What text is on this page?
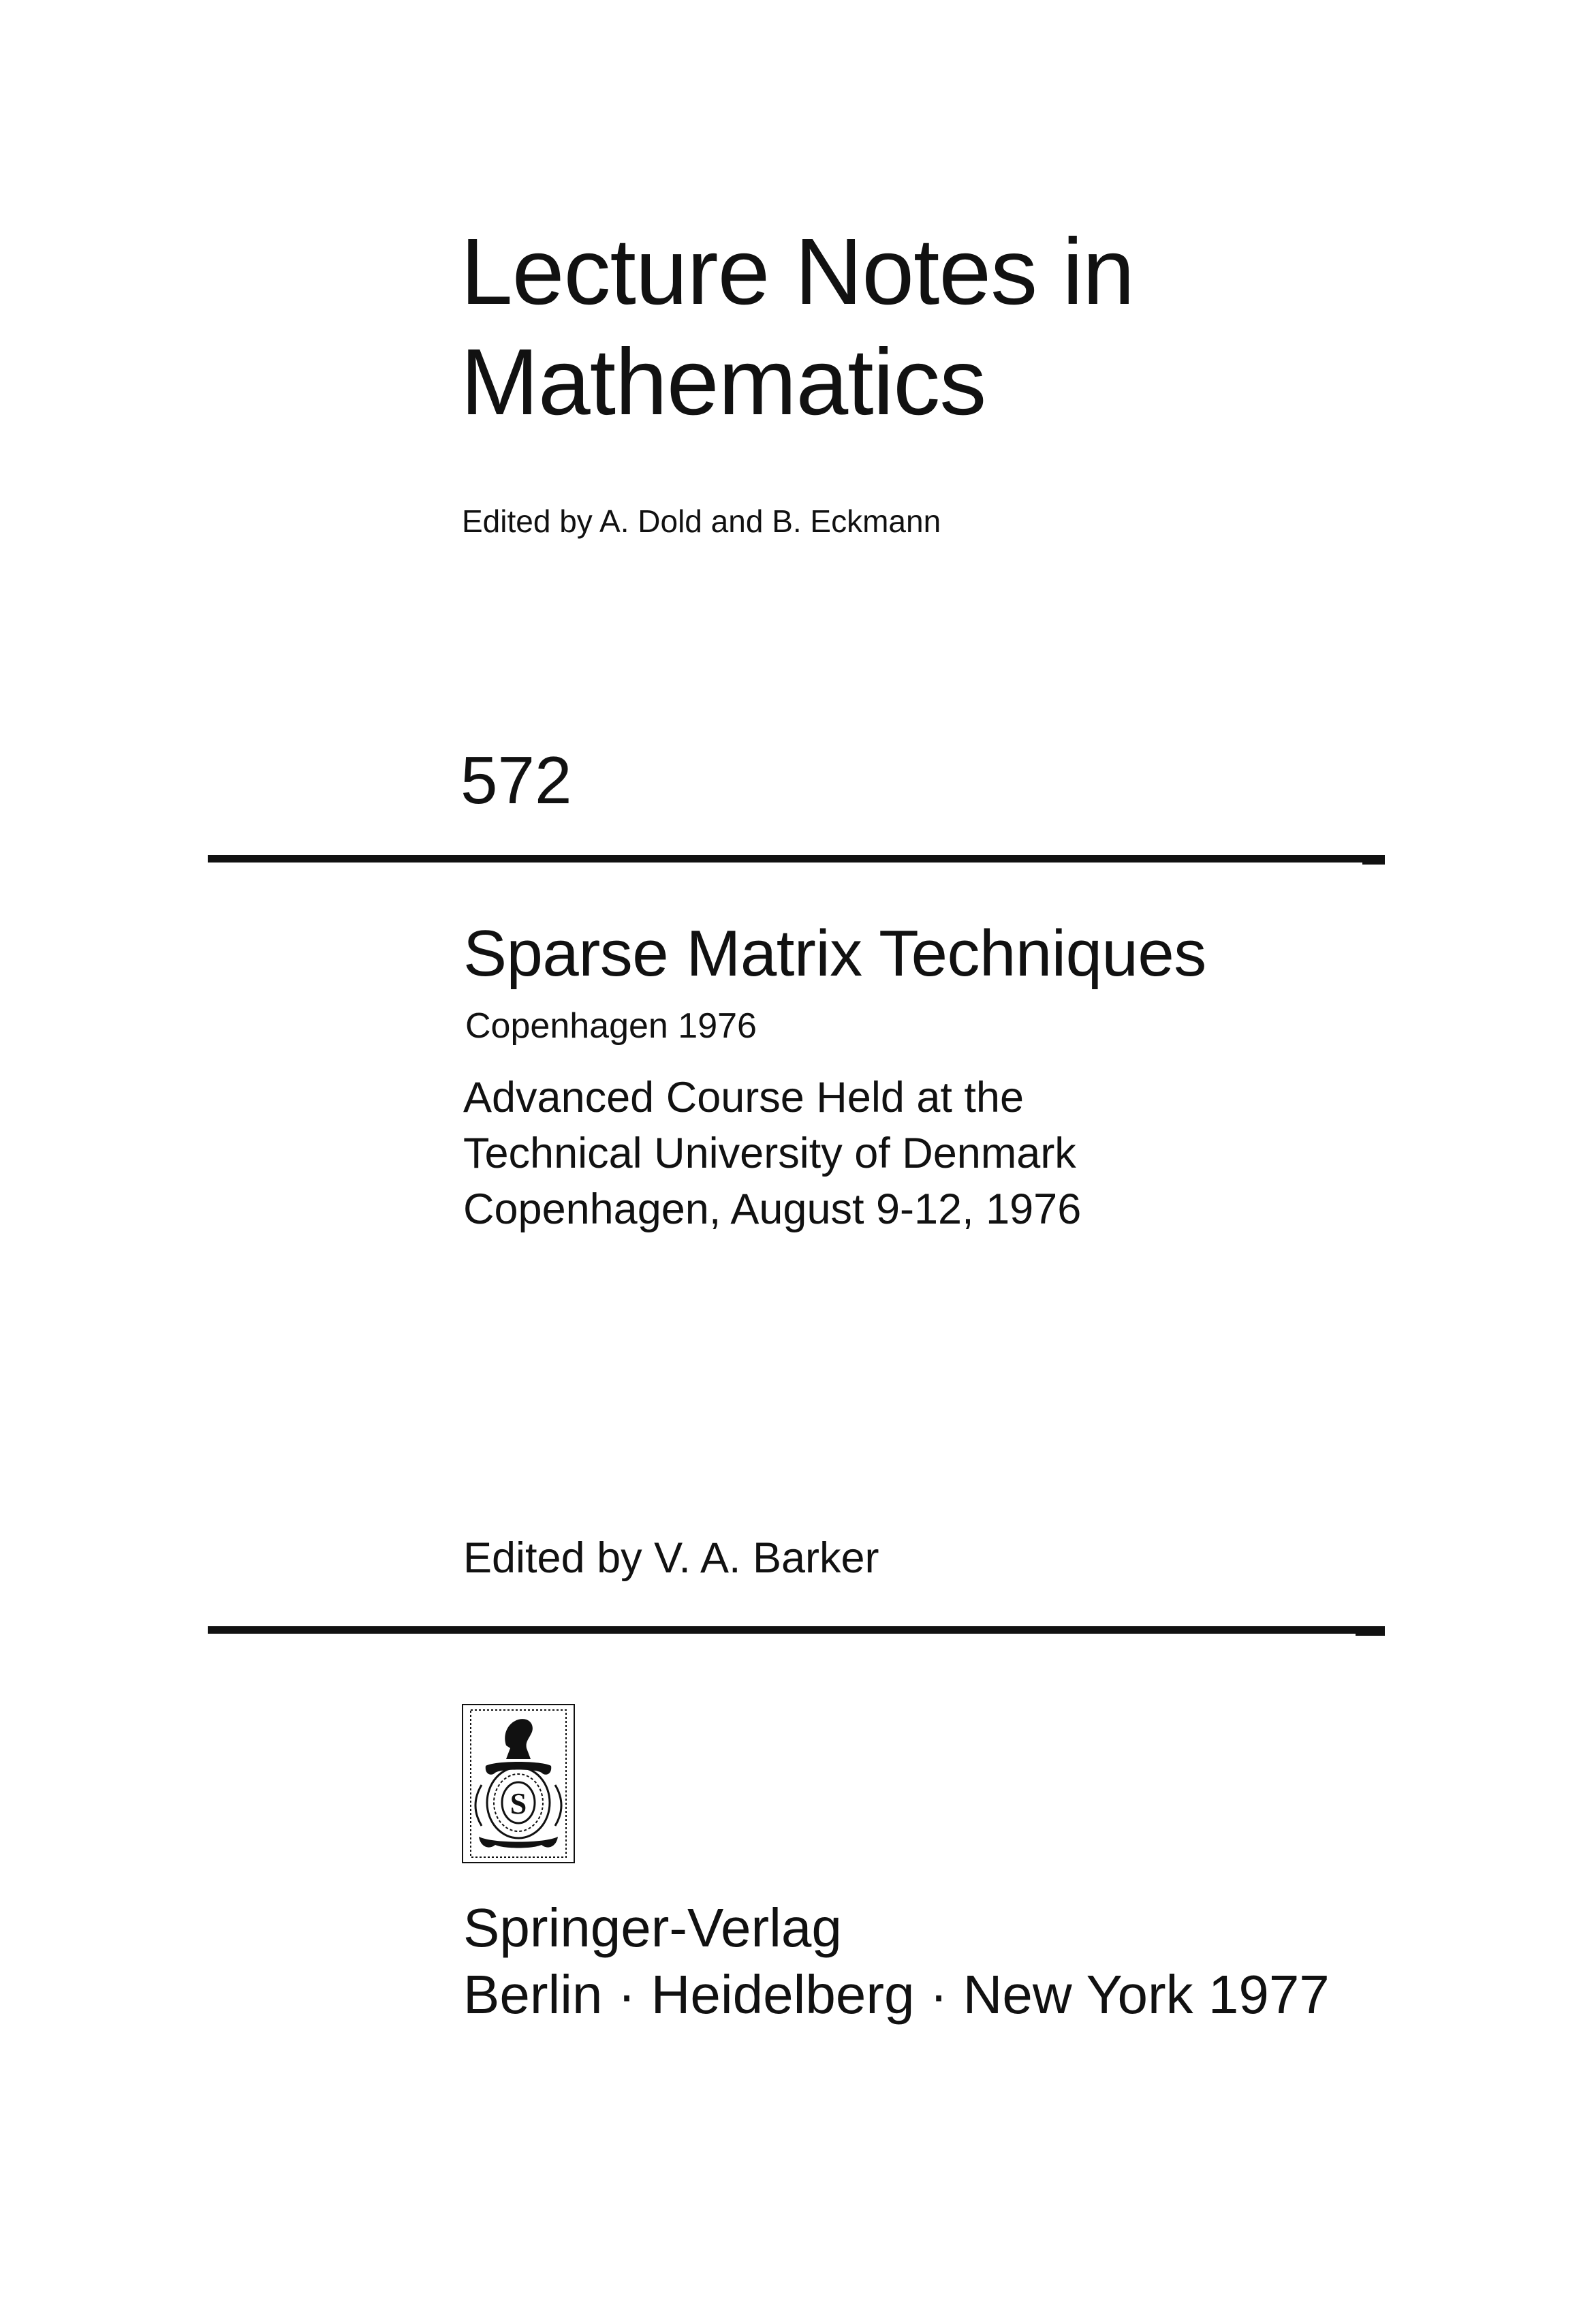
Lecture Notes in
Mathematics

Edited by A. Dold and B. Eckmann

572

Sparse Matrix Techniques

Copenhagen 1976

Advanced Course Held at the

Technical University of Denmark

Copenhagen, August 9-12, 1976

Edited by V. A. Barker

S

Springer-Verlag

Berlin · Heidelberg · New York 1977
